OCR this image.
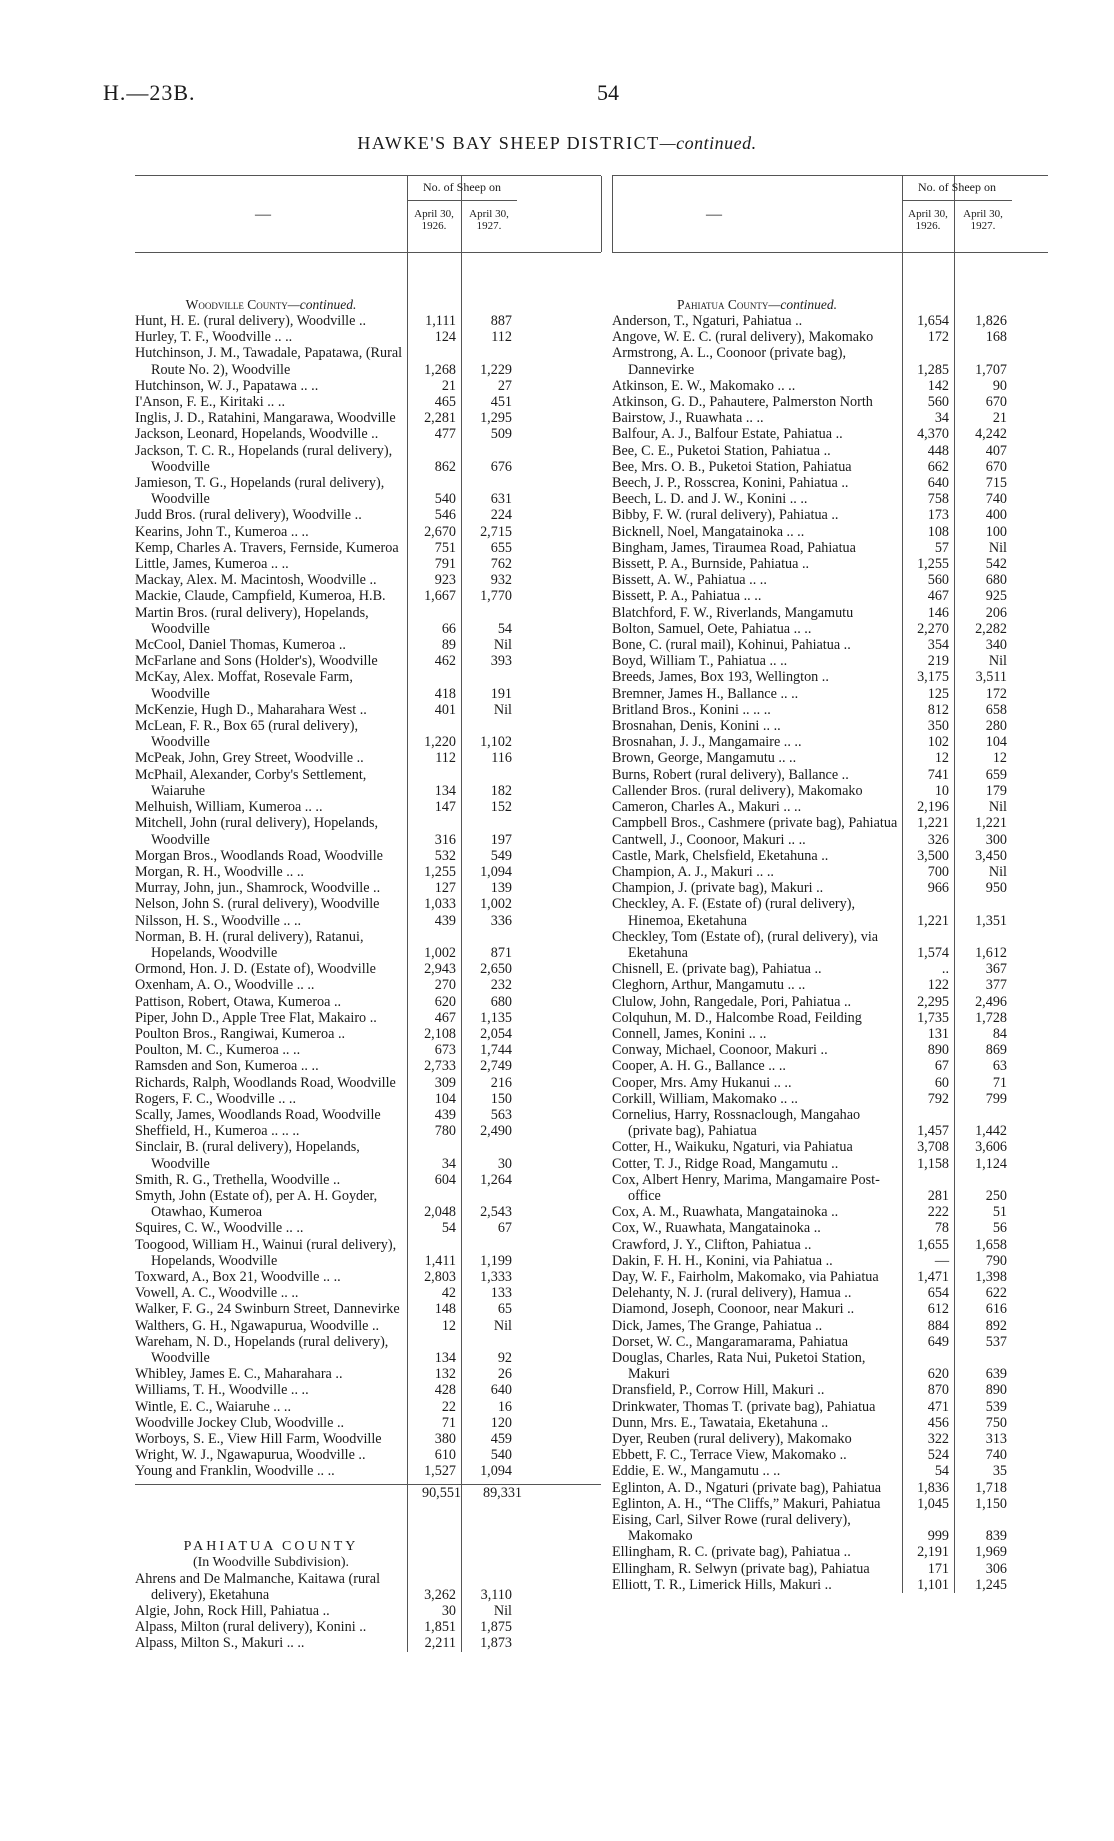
H.—23B.	54
HAWKE'S BAY SHEEP DISTRICT—continued.
—
No. of Sheep on
April 30,
1926.
April 30,
1927.
Woodville County—continued.
Hunt, H. E. (rural delivery), Woodville ..	1,111	887
Hurley, T. F., Woodville .. ..	124	112
Hutchinson, J. M., Tawadale, Papatawa, (Rural Route No. 2), Woodville	1,268	1,229
Hutchinson, W. J., Papatawa .. ..	21	27
I'Anson, F. E., Kiritaki .. ..	465	451
Inglis, J. D., Ratahini, Mangarawa, Woodville	2,281	1,295
Jackson, Leonard, Hopelands, Woodville ..	477	509
Jackson, T. C. R., Hopelands (rural delivery), Woodville	862	676
Jamieson, T. G., Hopelands (rural delivery), Woodville	540	631
Judd Bros. (rural delivery), Woodville ..	546	224
Kearins, John T., Kumeroa .. ..	2,670	2,715
Kemp, Charles A. Travers, Fernside, Kumeroa	751	655
Little, James, Kumeroa .. ..	791	762
Mackay, Alex. M. Macintosh, Woodville ..	923	932
Mackie, Claude, Campfield, Kumeroa, H.B.	1,667	1,770
Martin Bros. (rural delivery), Hopelands, Woodville	66	54
McCool, Daniel Thomas, Kumeroa ..	89	Nil
McFarlane and Sons (Holder's), Woodville	462	393
McKay, Alex. Moffat, Rosevale Farm, Woodville	418	191
McKenzie, Hugh D., Maharahara West ..	401	Nil
McLean, F. R., Box 65 (rural delivery), Woodville	1,220	1,102
McPeak, John, Grey Street, Woodville ..	112	116
McPhail, Alexander, Corby's Settlement, Waiaruhe	134	182
Melhuish, William, Kumeroa .. ..	147	152
Mitchell, John (rural delivery), Hopelands, Woodville	316	197
Morgan Bros., Woodlands Road, Woodville	532	549
Morgan, R. H., Woodville .. ..	1,255	1,094
Murray, John, jun., Shamrock, Woodville ..	127	139
Nelson, John S. (rural delivery), Woodville	1,033	1,002
Nilsson, H. S., Woodville .. ..	439	336
Norman, B. H. (rural delivery), Ratanui, Hopelands, Woodville	1,002	871
Ormond, Hon. J. D. (Estate of), Woodville	2,943	2,650
Oxenham, A. O., Woodville .. ..	270	232
Pattison, Robert, Otawa, Kumeroa ..	620	680
Piper, John D., Apple Tree Flat, Makairo ..	467	1,135
Poulton Bros., Rangiwai, Kumeroa ..	2,108	2,054
Poulton, M. C., Kumeroa .. ..	673	1,744
Ramsden and Son, Kumeroa .. ..	2,733	2,749
Richards, Ralph, Woodlands Road, Woodville	309	216
Rogers, F. C., Woodville .. ..	104	150
Scally, James, Woodlands Road, Woodville	439	563
Sheffield, H., Kumeroa .. .. ..	780	2,490
Sinclair, B. (rural delivery), Hopelands, Woodville	34	30
Smith, R. G., Trethella, Woodville ..	604	1,264
Smyth, John (Estate of), per A. H. Goyder, Otawhao, Kumeroa	2,048	2,543
Squires, C. W., Woodville .. ..	54	67
Toogood, William H., Wainui (rural delivery), Hopelands, Woodville	1,411	1,199
Toxward, A., Box 21, Woodville .. ..	2,803	1,333
Vowell, A. C., Woodville .. ..	42	133
Walker, F. G., 24 Swinburn Street, Dannevirke	148	65
Walthers, G. H., Ngawapurua, Woodville ..	12	Nil
Wareham, N. D., Hopelands (rural delivery), Woodville	134	92
Whibley, James E. C., Maharahara ..	132	26
Williams, T. H., Woodville .. ..	428	640
Wintle, E. C., Waiaruhe .. ..	22	16
Woodville Jockey Club, Woodville ..	71	120
Worboys, S. E., View Hill Farm, Woodville	380	459
Wright, W. J., Ngawapurua, Woodville ..	610	540
Young and Franklin, Woodville .. ..	1,527	1,094
90,551	89,331
PAHIATUA COUNTY
(In Woodville Subdivision).
Ahrens and De Malmanche, Kaitawa (rural delivery), Eketahuna	3,262	3,110
Algie, John, Rock Hill, Pahiatua ..	30	Nil
Alpass, Milton (rural delivery), Konini ..	1,851	1,875
Alpass, Milton S., Makuri .. ..	2,211	1,873
—
No. of Sheep on
April 30,
1926.
April 30,
1927.
Pahiatua County—continued.
Anderson, T., Ngaturi, Pahiatua ..	1,654	1,826
Angove, W. E. C. (rural delivery), Makomako	172	168
Armstrong, A. L., Coonoor (private bag), Dannevirke	1,285	1,707
Atkinson, E. W., Makomako .. ..	142	90
Atkinson, G. D., Pahautere, Palmerston North	560	670
Bairstow, J., Ruawhata .. ..	34	21
Balfour, A. J., Balfour Estate, Pahiatua ..	4,370	4,242
Bee, C. E., Puketoi Station, Pahiatua ..	448	407
Bee, Mrs. O. B., Puketoi Station, Pahiatua	662	670
Beech, J. P., Rosscrea, Konini, Pahiatua ..	640	715
Beech, L. D. and J. W., Konini .. ..	758	740
Bibby, F. W. (rural delivery), Pahiatua ..	173	400
Bicknell, Noel, Mangatainoka .. ..	108	100
Bingham, James, Tiraumea Road, Pahiatua	57	Nil
Bissett, P. A., Burnside, Pahiatua ..	1,255	542
Bissett, A. W., Pahiatua .. ..	560	680
Bissett, P. A., Pahiatua .. ..	467	925
Blatchford, F. W., Riverlands, Mangamutu	146	206
Bolton, Samuel, Oete, Pahiatua .. ..	2,270	2,282
Bone, C. (rural mail), Kohinui, Pahiatua ..	354	340
Boyd, William T., Pahiatua .. ..	219	Nil
Breeds, James, Box 193, Wellington ..	3,175	3,511
Bremner, James H., Ballance .. ..	125	172
Britland Bros., Konini .. .. ..	812	658
Brosnahan, Denis, Konini .. ..	350	280
Brosnahan, J. J., Mangamaire .. ..	102	104
Brown, George, Mangamutu .. ..	12	12
Burns, Robert (rural delivery), Ballance ..	741	659
Callender Bros. (rural delivery), Makomako	10	179
Cameron, Charles A., Makuri .. ..	2,196	Nil
Campbell Bros., Cashmere (private bag), Pahiatua	1,221	1,221
Cantwell, J., Coonoor, Makuri .. ..	326	300
Castle, Mark, Chelsfield, Eketahuna ..	3,500	3,450
Champion, A. J., Makuri .. ..	700	Nil
Champion, J. (private bag), Makuri ..	966	950
Checkley, A. F. (Estate of) (rural delivery), Hinemoa, Eketahuna	1,221	1,351
Checkley, Tom (Estate of), (rural delivery), via Eketahuna	1,574	1,612
Chisnell, E. (private bag), Pahiatua ..	..	367
Cleghorn, Arthur, Mangamutu .. ..	122	377
Clulow, John, Rangedale, Pori, Pahiatua ..	2,295	2,496
Colquhun, M. D., Halcombe Road, Feilding	1,735	1,728
Connell, James, Konini .. ..	131	84
Conway, Michael, Coonoor, Makuri ..	890	869
Cooper, A. H. G., Ballance .. ..	67	63
Cooper, Mrs. Amy Hukanui .. ..	60	71
Corkill, William, Makomako .. ..	792	799
Cornelius, Harry, Rossnaclough, Mangahao (private bag), Pahiatua	1,457	1,442
Cotter, H., Waikuku, Ngaturi, via Pahiatua	3,708	3,606
Cotter, T. J., Ridge Road, Mangamutu ..	1,158	1,124
Cox, Albert Henry, Marima, Mangamaire Post-office	281	250
Cox, A. M., Ruawhata, Mangatainoka ..	222	51
Cox, W., Ruawhata, Mangatainoka ..	78	56
Crawford, J. Y., Clifton, Pahiatua ..	1,655	1,658
Dakin, F. H. H., Konini, via Pahiatua ..	—	790
Day, W. F., Fairholm, Makomako, via Pahiatua	1,471	1,398
Delehanty, N. J. (rural delivery), Hamua ..	654	622
Diamond, Joseph, Coonoor, near Makuri ..	612	616
Dick, James, The Grange, Pahiatua ..	884	892
Dorset, W. C., Mangaramarama, Pahiatua	649	537
Douglas, Charles, Rata Nui, Puketoi Station, Makuri	620	639
Dransfield, P., Corrow Hill, Makuri ..	870	890
Drinkwater, Thomas T. (private bag), Pahiatua	471	539
Dunn, Mrs. E., Tawataia, Eketahuna ..	456	750
Dyer, Reuben (rural delivery), Makomako	322	313
Ebbett, F. C., Terrace View, Makomako ..	524	740
Eddie, E. W., Mangamutu .. ..	54	35
Eglinton, A. D., Ngaturi (private bag), Pahiatua	1,836	1,718
Eglinton, A. H., “The Cliffs,” Makuri, Pahiatua	1,045	1,150
Eising, Carl, Silver Rowe (rural delivery), Makomako	999	839
Ellingham, R. C. (private bag), Pahiatua ..	2,191	1,969
Ellingham, R. Selwyn (private bag), Pahiatua	171	306
Elliott, T. R., Limerick Hills, Makuri ..	1,101	1,245
